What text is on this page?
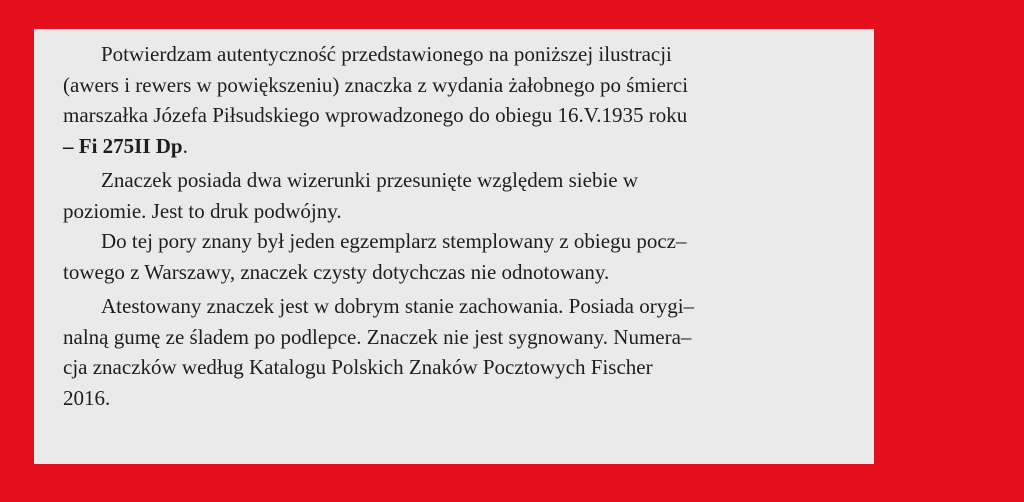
Potwierdzam autentyczność przedstawionego na poniższej ilustracji
(awers i rewers w powiększeniu) znaczka z wydania żałobnego po śmierci
marszałka Józefa Piłsudskiego wprowadzonego do obiegu 16.V.1935 roku
– Fi 275II Dp.
Znaczek posiada dwa wizerunki przesunięte względem siebie w
poziomie. Jest to druk podwójny.
Do tej pory znany był jeden egzemplarz stemplowany z obiegu pocz–
towego z Warszawy, znaczek czysty dotychczas nie odnotowany.
Atestowany znaczek jest w dobrym stanie zachowania. Posiada orygi–
nalną gumę ze śladem po podlepce. Znaczek nie jest sygnowany. Numera–
cja znaczków według Katalogu Polskich Znaków Pocztowych Fischer
2016.
